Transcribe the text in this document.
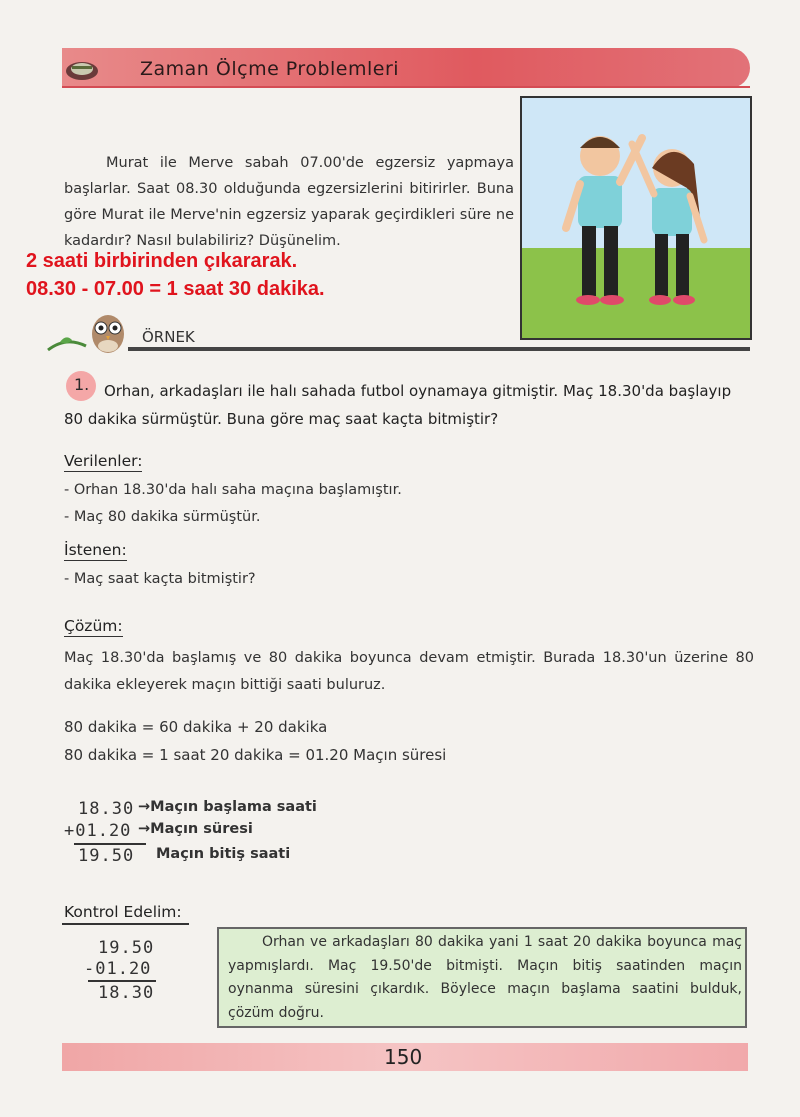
Zaman Ölçme Problemleri

Murat ile Merve sabah 07.00'de egzersiz yapmaya başlarlar. Saat 08.30 olduğunda egzersizlerini bitirirler. Buna göre Murat ile Merve'nin egzersiz yaparak geçirdikleri süre ne kadardır? Nasıl bulabiliriz? Düşünelim.

2 saati birbirinden çıkararak.
08.30 - 07.00 = 1 saat 30 dakika.
ÖRNEK
1. Orhan, arkadaşları ile halı sahada futbol oynamaya gitmiştir. Maç 18.30'da başlayıp 80 dakika sürmüştür. Buna göre maç saat kaçta bitmiştir?

Verilenler:
- Orhan 18.30'da halı saha maçına başlamıştır.
- Maç 80 dakika sürmüştür.
İstenen:
- Maç saat kaçta bitmiştir?
Çözüm:
Maç 18.30'da başlamış ve 80 dakika boyunca devam etmiştir. Burada 18.30'un üzerine 80 dakika ekleyerek maçın bittiği saati buluruz.
80 dakika = 60 dakika + 20 dakika
80 dakika = 1 saat 20 dakika = 01.20 Maçın süresi
18.30 →Maçın başlama saati
+01.20 →Maçın süresi
19.50 Maçın bitiş saati
Kontrol Edelim:
19.50
-01.20
18.30

Orhan ve arkadaşları 80 dakika yani 1 saat 20 dakika boyunca maç yapmışlardı. Maç 19.50'de bitmişti. Maçın bitiş saatinden maçın oynanma süresini çıkardık. Böylece maçın başlama saatini bulduk, çözüm doğru.

150
